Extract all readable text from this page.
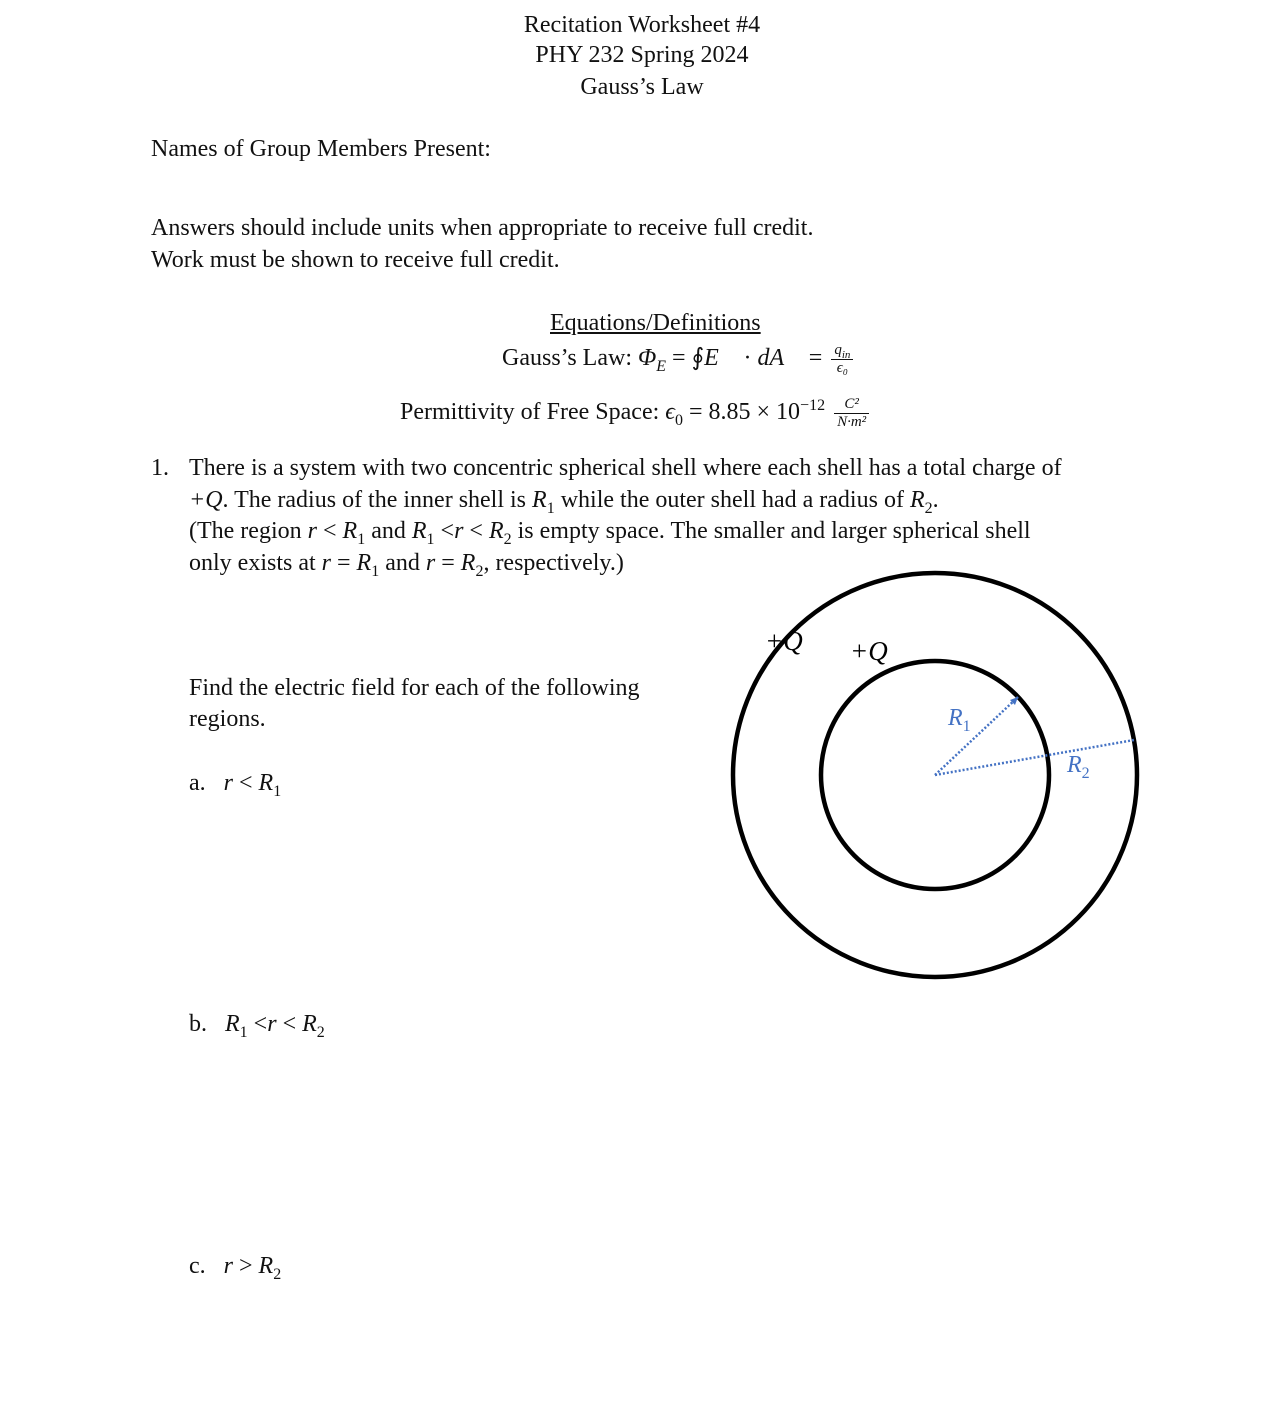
Recitation Worksheet #4
PHY 232 Spring 2024
Gauss’s Law
Names of Group Members Present:
Answers should include units when appropriate to receive full credit.
Work must be shown to receive full credit.
Equations/Definitions
Gauss’s Law: $\Phi_E$ = ∮E · dA = $\frac{q_{in}}{\text{ϵ₀}}$
Permittivity of Free Space: $\epsilon_0 = 8.85 \times 10^{-12} \frac{\text{C²}}{\text{N·m²}}$
1. There is a system with two concentric spherical shell where each shell has a total charge of
+Q. The radius of the inner shell is $R_1$ while the outer shell had a radius of $R_2$.
(The region $r < R_1$ and $R_1 <r < R_2$ is empty space. The smaller and larger spherical shell
only exists at $r = R_1$ and $r = R_2$, respectively.)
Find the electric field for each of the following
regions.
a. $r < R_1$
b. $R_1 <r < R_2$
c. $r > R_2$
+Q +Q
$R_1$
$R_2$
